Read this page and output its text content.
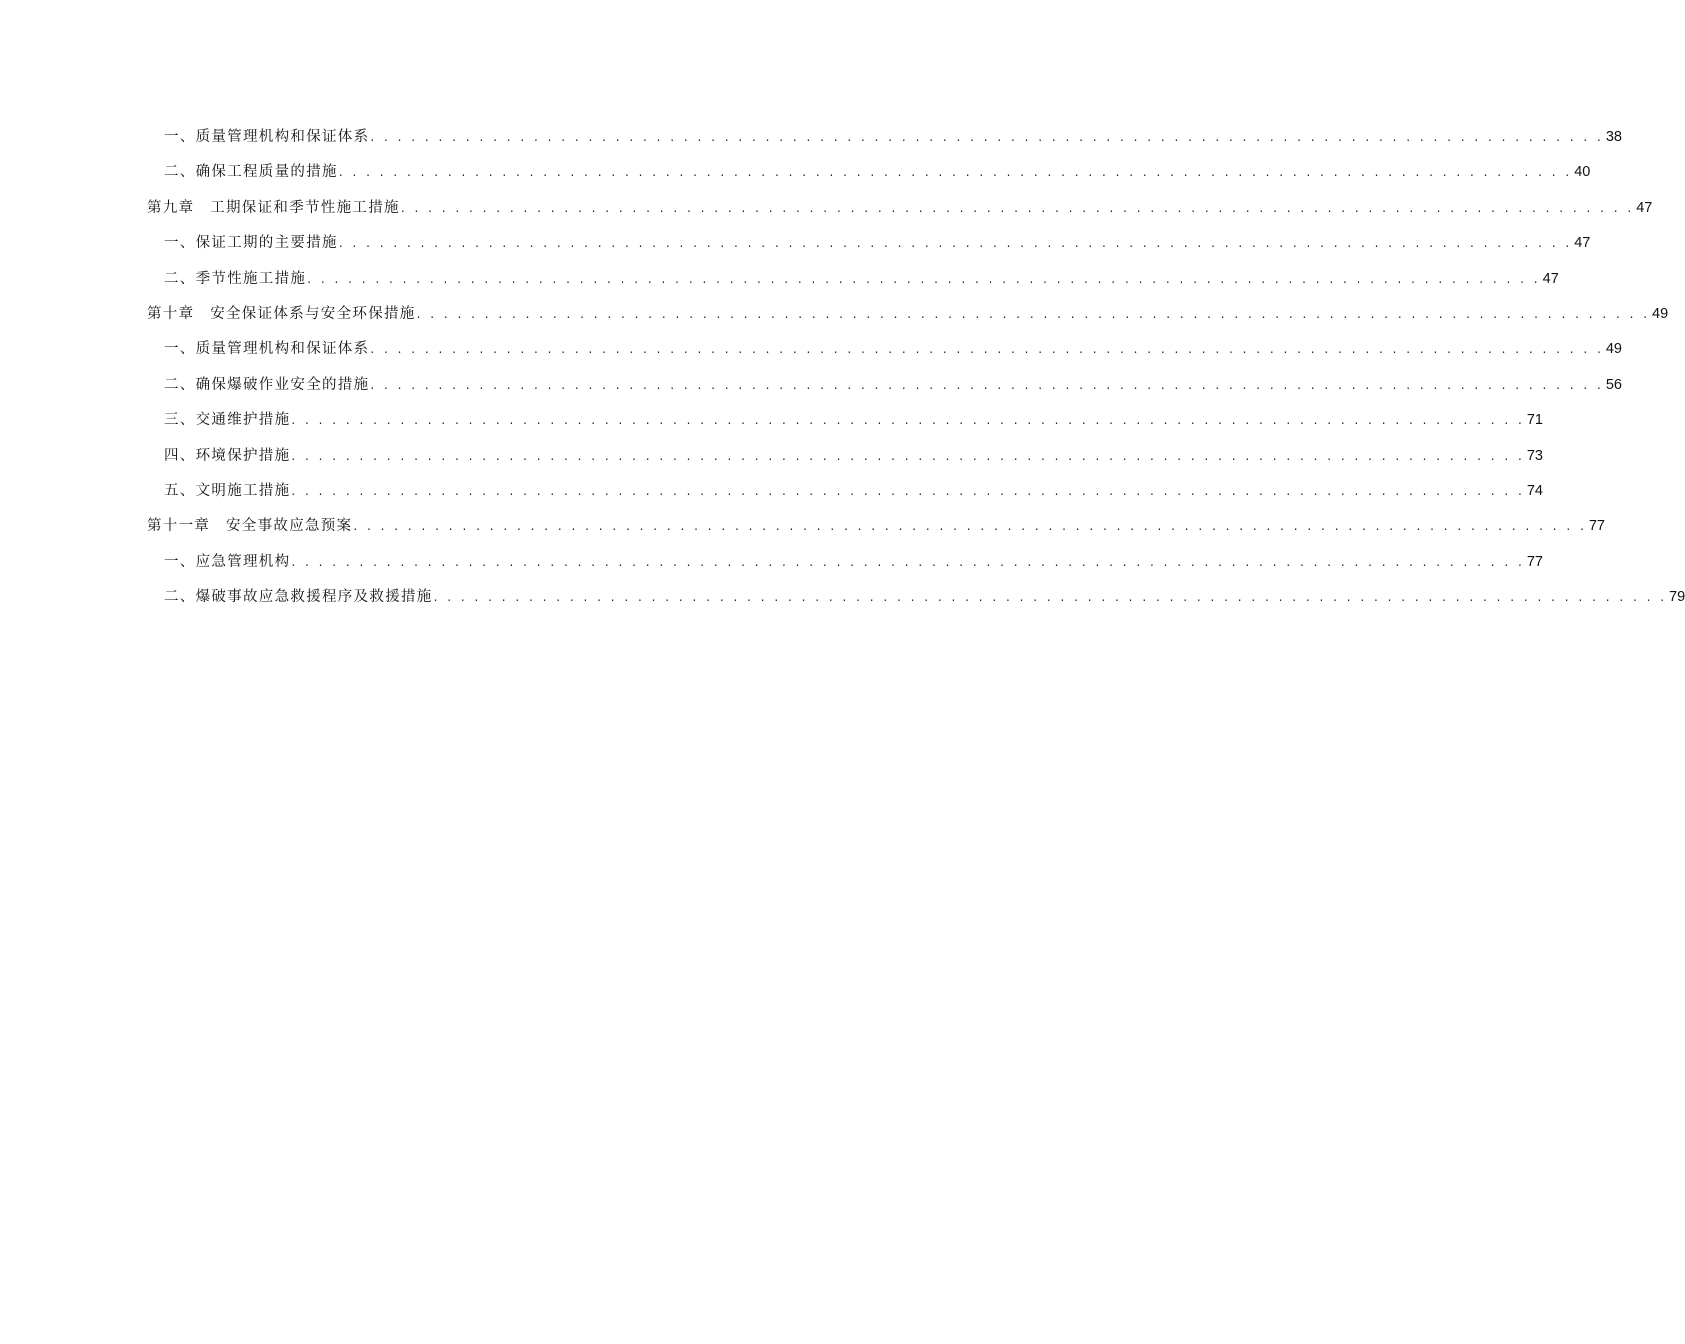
一、质量管理机构和保证体系 . . . . . . . . . . . . . . . . . . . . . . . . . . . . . . . . . . . . . . . . . . . . . . . . . . . . . . . . . . . . . . . . . . . . . . . . . . . . . . . . . . . . . . . . . . . 38
二、确保工程质量的措施 . . . . . . . . . . . . . . . . . . . . . . . . . . . . . . . . . . . . . . . . . . . . . . . . . . . . . . . . . . . . . . . . . . . . . . . . . . . . . . . . . . . . . . . . . . . 40
第九章　工期保证和季节性施工措施 . . . . . . . . . . . . . . . . . . . . . . . . . . . . . . . . . . . . . . . . . . . . . . . . . . . . . . . . . . . . . . . . . . . . . . . . . . . . . . . . . . . . . . . . . . . 47
一、保证工期的主要措施 . . . . . . . . . . . . . . . . . . . . . . . . . . . . . . . . . . . . . . . . . . . . . . . . . . . . . . . . . . . . . . . . . . . . . . . . . . . . . . . . . . . . . . . . . . . 47
二、季节性施工措施 . . . . . . . . . . . . . . . . . . . . . . . . . . . . . . . . . . . . . . . . . . . . . . . . . . . . . . . . . . . . . . . . . . . . . . . . . . . . . . . . . . . . . . . . . . . 47
第十章　安全保证体系与安全环保措施 . . . . . . . . . . . . . . . . . . . . . . . . . . . . . . . . . . . . . . . . . . . . . . . . . . . . . . . . . . . . . . . . . . . . . . . . . . . . . . . . . . . . . . . . . . . 49
一、质量管理机构和保证体系 . . . . . . . . . . . . . . . . . . . . . . . . . . . . . . . . . . . . . . . . . . . . . . . . . . . . . . . . . . . . . . . . . . . . . . . . . . . . . . . . . . . . . . . . . . . 49
二、确保爆破作业安全的措施 . . . . . . . . . . . . . . . . . . . . . . . . . . . . . . . . . . . . . . . . . . . . . . . . . . . . . . . . . . . . . . . . . . . . . . . . . . . . . . . . . . . . . . . . . . . 56
三、交通维护措施 . . . . . . . . . . . . . . . . . . . . . . . . . . . . . . . . . . . . . . . . . . . . . . . . . . . . . . . . . . . . . . . . . . . . . . . . . . . . . . . . . . . . . . . . . . . 71
四、环境保护措施 . . . . . . . . . . . . . . . . . . . . . . . . . . . . . . . . . . . . . . . . . . . . . . . . . . . . . . . . . . . . . . . . . . . . . . . . . . . . . . . . . . . . . . . . . . . 73
五、文明施工措施 . . . . . . . . . . . . . . . . . . . . . . . . . . . . . . . . . . . . . . . . . . . . . . . . . . . . . . . . . . . . . . . . . . . . . . . . . . . . . . . . . . . . . . . . . . . 74
第十一章　安全事故应急预案 . . . . . . . . . . . . . . . . . . . . . . . . . . . . . . . . . . . . . . . . . . . . . . . . . . . . . . . . . . . . . . . . . . . . . . . . . . . . . . . . . . . . . . . . . . . 77
一、应急管理机构 . . . . . . . . . . . . . . . . . . . . . . . . . . . . . . . . . . . . . . . . . . . . . . . . . . . . . . . . . . . . . . . . . . . . . . . . . . . . . . . . . . . . . . . . . . . 77
二、爆破事故应急救援程序及救援措施 . . . . . . . . . . . . . . . . . . . . . . . . . . . . . . . . . . . . . . . . . . . . . . . . . . . . . . . . . . . . . . . . . . . . . . . . . . . . . . . . . . . . . . . . . . . 79
